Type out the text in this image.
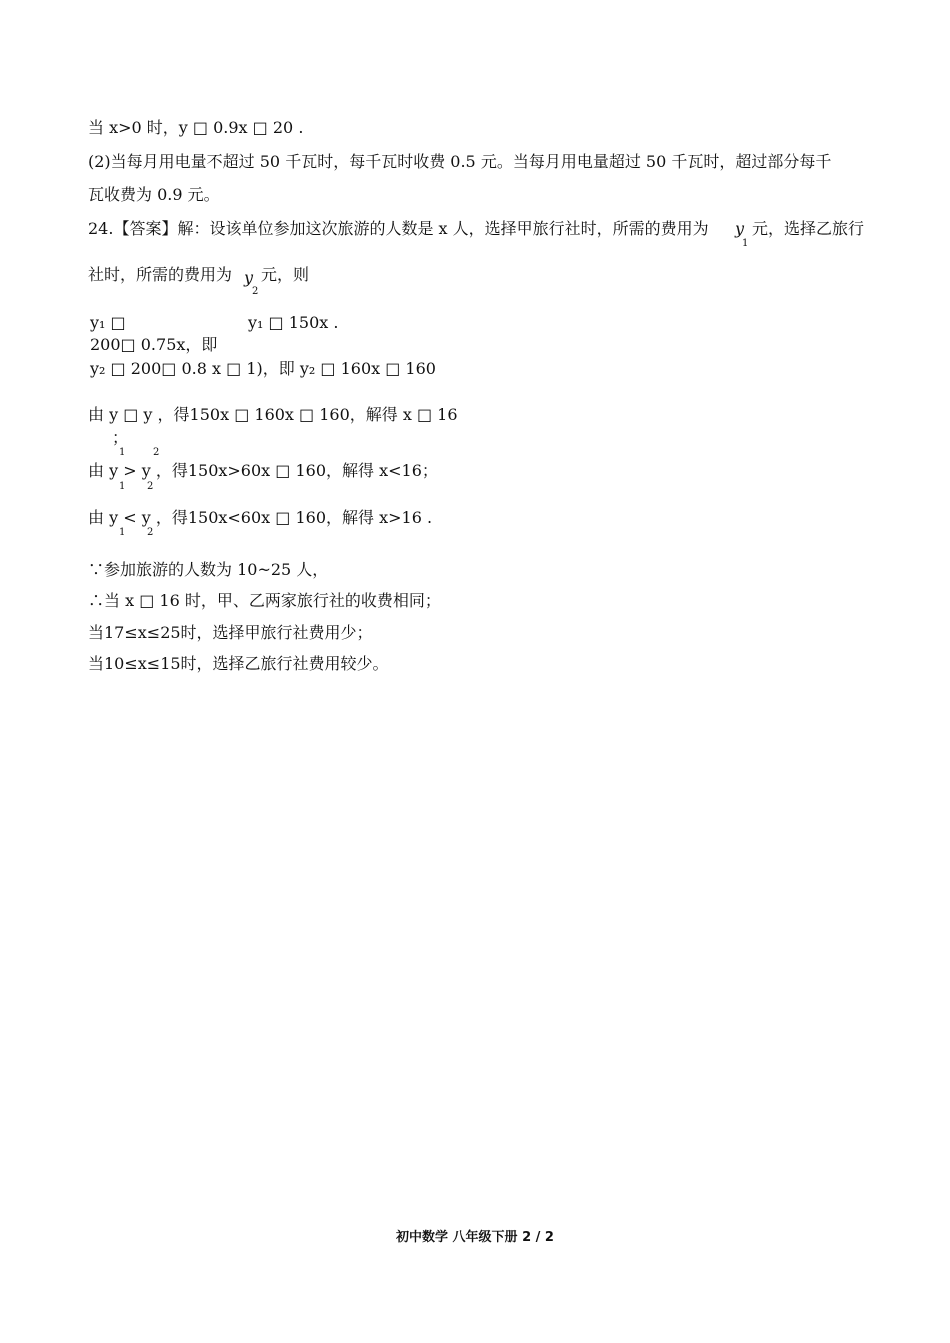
当 x>0 时，y □ 0.9x □ 20 .
(2)当每月用电量不超过 50 千瓦时，每千瓦时收费 0.5 元。当每月用电量超过 50 千瓦时，超过部分每千
瓦收费为 0.9 元。
24.【答案】解：设该单位参加这次旅游的人数是 x 人，选择甲旅行社时，所需的费用为 y
1
元，选择乙旅行
社时，所需的费用为 y
2
元，则
y₁ □	y₁ □ 150x .
200□ 0.75x，即
y₂ □ 200□ 0.8 x □ 1)，即 y₂ □ 160x □ 160
由 y □ y ，得150x □ 160x □ 160，解得 x □ 16
；
1	2
由 y > y ，得150x>60x □ 160，解得 x<16；
1 2
由 y < y ，得150x<60x □ 160，解得 x>16 .
1 2
∵参加旅游的人数为 10~25 人，
∴当 x □ 16 时，甲、乙两家旅行社的收费相同；
当17≤x≤25时，选择甲旅行社费用少；
当10≤x≤15时，选择乙旅行社费用较少。
初中数学 八年级下册 2 / 2
